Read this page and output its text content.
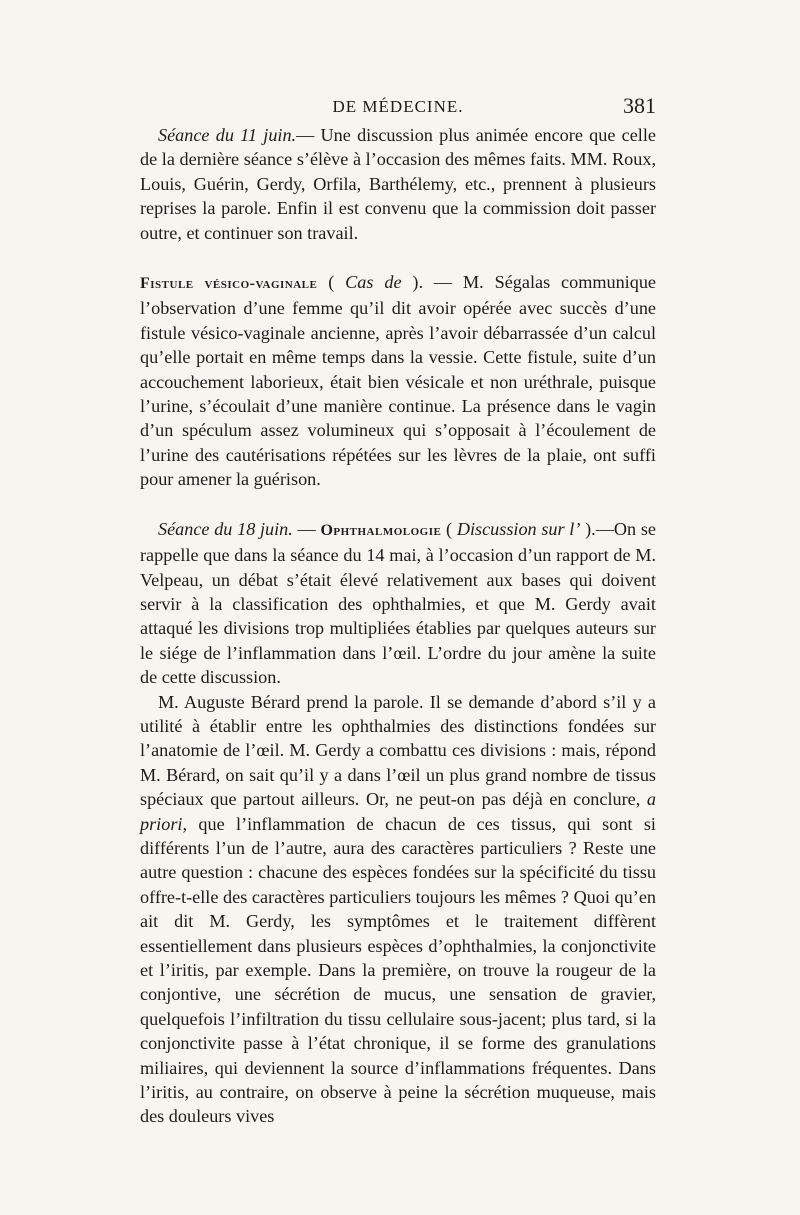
DE MÉDECINE.	381

Séance du 11 juin.— Une discussion plus animée encore que celle de la dernière séance s’élève à l’occasion des mêmes faits. MM. Roux, Louis, Guérin, Gerdy, Orfila, Barthélemy, etc., prennent à plusieurs reprises la parole. Enfin il est convenu que la commission doit passer outre, et continuer son travail.

Fistule vésico-vaginale ( Cas de ). — M. Ségalas communique l’observation d’une femme qu’il dit avoir opérée avec succès d’une fistule vésico-vaginale ancienne, après l’avoir débarrassée d’un calcul qu’elle portait en même temps dans la vessie. Cette fistule, suite d’un accouchement laborieux, était bien vésicale et non uréthrale, puisque l’urine, s’écoulait d’une manière continue. La présence dans le vagin d’un spéculum assez volumineux qui s’opposait à l’écoulement de l’urine des cautérisations répétées sur les lèvres de la plaie, ont suffi pour amener la guérison.

Séance du 18 juin. — Ophthalmologie ( Discussion sur l’ ).—On se rappelle que dans la séance du 14 mai, à l’occasion d’un rapport de M. Velpeau, un débat s’était élevé relativement aux bases qui doivent servir à la classification des ophthalmies, et que M. Gerdy avait attaqué les divisions trop multipliées établies par quelques auteurs sur le siége de l’inflammation dans l’œil. L’ordre du jour amène la suite de cette discussion.

M. Auguste Bérard prend la parole. Il se demande d’abord s’il y a utilité à établir entre les ophthalmies des distinctions fondées sur l’anatomie de l’œil. M. Gerdy a combattu ces divisions : mais, répond M. Bérard, on sait qu’il y a dans l’œil un plus grand nombre de tissus spéciaux que partout ailleurs. Or, ne peut-on pas déjà en conclure, a priori, que l’inflammation de chacun de ces tissus, qui sont si différents l’un de l’autre, aura des caractères particuliers ? Reste une autre question : chacune des espèces fondées sur la spécificité du tissu offre-t-elle des caractères particuliers toujours les mêmes ? Quoi qu’en ait dit M. Gerdy, les symptômes et le traitement diffèrent essentiellement dans plusieurs espèces d’ophthalmies, la conjonctivite et l’iritis, par exemple. Dans la première, on trouve la rougeur de la conjontive, une sécrétion de mucus, une sensation de gravier, quelquefois l’infiltration du tissu cellulaire sous-jacent; plus tard, si la conjonctivite passe à l’état chronique, il se forme des granulations miliaires, qui deviennent la source d’inflammations fréquentes. Dans l’iritis, au contraire, on observe à peine la sécrétion muqueuse, mais des douleurs vives
